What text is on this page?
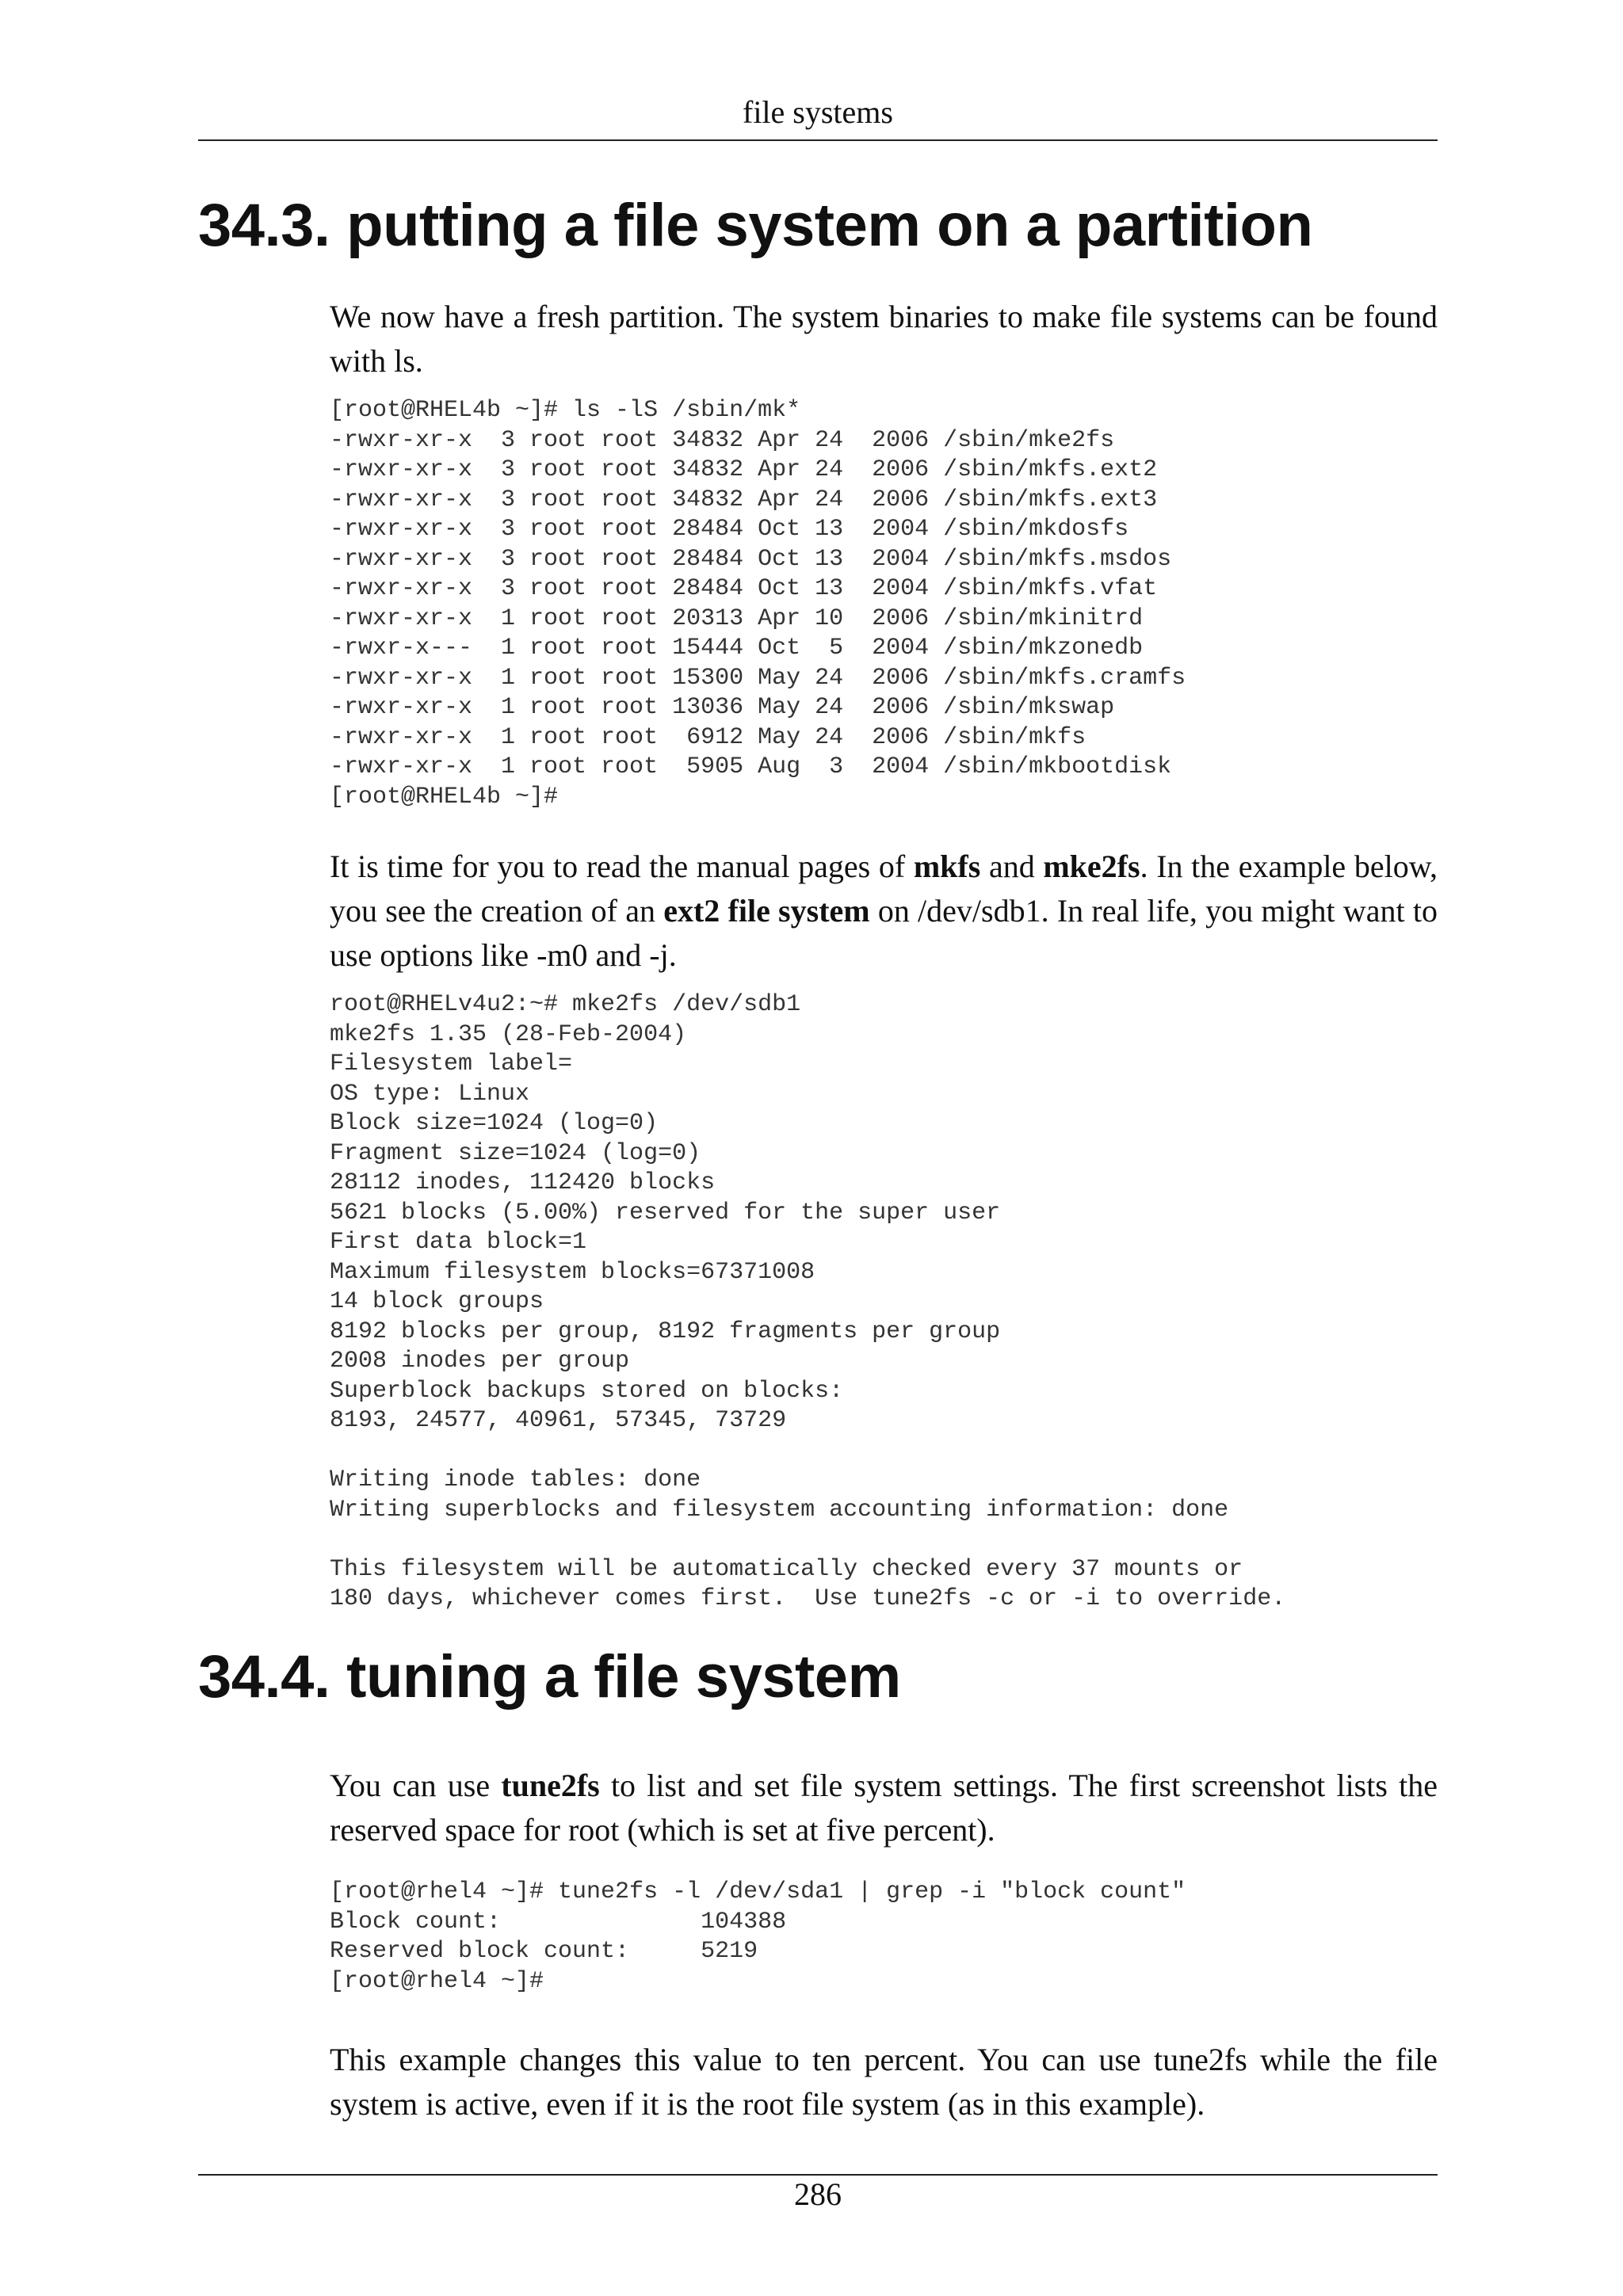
file systems
34.3. putting a file system on a partition

We now have a fresh partition. The system binaries to make file systems can be found with ls.

[root@RHEL4b ~]# ls -lS /sbin/mk*
-rwxr-xr-x  3 root root 34832 Apr 24  2006 /sbin/mke2fs
-rwxr-xr-x  3 root root 34832 Apr 24  2006 /sbin/mkfs.ext2
-rwxr-xr-x  3 root root 34832 Apr 24  2006 /sbin/mkfs.ext3
-rwxr-xr-x  3 root root 28484 Oct 13  2004 /sbin/mkdosfs
-rwxr-xr-x  3 root root 28484 Oct 13  2004 /sbin/mkfs.msdos
-rwxr-xr-x  3 root root 28484 Oct 13  2004 /sbin/mkfs.vfat
-rwxr-xr-x  1 root root 20313 Apr 10  2006 /sbin/mkinitrd
-rwxr-x---  1 root root 15444 Oct  5  2004 /sbin/mkzonedb
-rwxr-xr-x  1 root root 15300 May 24  2006 /sbin/mkfs.cramfs
-rwxr-xr-x  1 root root 13036 May 24  2006 /sbin/mkswap
-rwxr-xr-x  1 root root  6912 May 24  2006 /sbin/mkfs
-rwxr-xr-x  1 root root  5905 Aug  3  2004 /sbin/mkbootdisk
[root@RHEL4b ~]#

It is time for you to read the manual pages of mkfs and mke2fs. In the example below, you see the creation of an ext2 file system on /dev/sdb1. In real life, you might want to use options like -m0 and -j.

root@RHELv4u2:~# mke2fs /dev/sdb1
mke2fs 1.35 (28-Feb-2004)
Filesystem label=
OS type: Linux
Block size=1024 (log=0)
Fragment size=1024 (log=0)
28112 inodes, 112420 blocks
5621 blocks (5.00%) reserved for the super user
First data block=1
Maximum filesystem blocks=67371008
14 block groups
8192 blocks per group, 8192 fragments per group
2008 inodes per group
Superblock backups stored on blocks:
8193, 24577, 40961, 57345, 73729

Writing inode tables: done
Writing superblocks and filesystem accounting information: done

This filesystem will be automatically checked every 37 mounts or
180 days, whichever comes first.  Use tune2fs -c or -i to override.
34.4. tuning a file system

You can use tune2fs to list and set file system settings. The first screenshot lists the reserved space for root (which is set at five percent).

[root@rhel4 ~]# tune2fs -l /dev/sda1 | grep -i "block count"
Block count:              104388
Reserved block count:     5219
[root@rhel4 ~]#

This example changes this value to ten percent. You can use tune2fs while the file system is active, even if it is the root file system (as in this example).

286
